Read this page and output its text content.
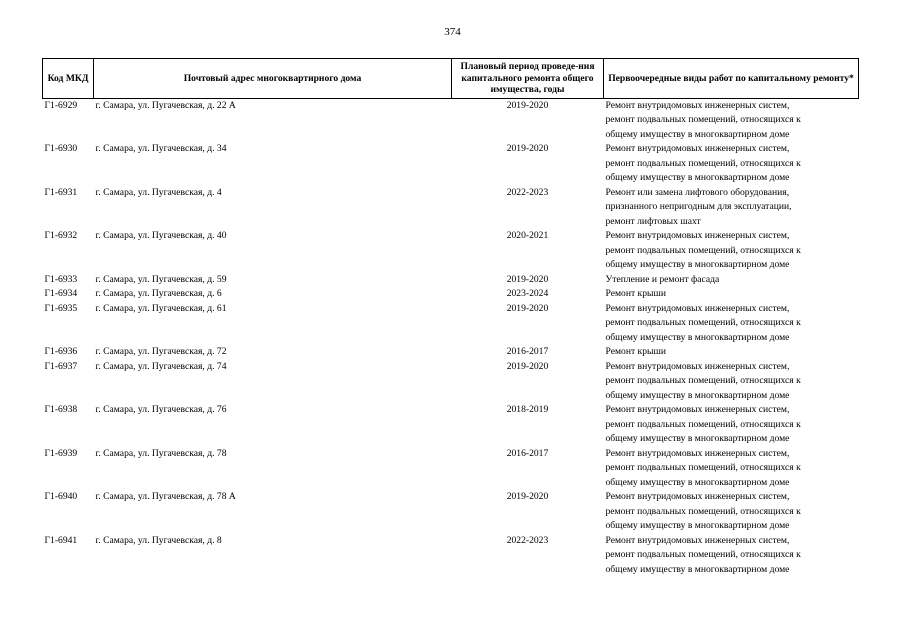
374
Код МКД	Почтовый адрес многоквартирного дома	Плановый период проведе-ния капитального ремонта общего имущества, годы	Первоочередные виды работ по капитальному ремонту*
Г1-6929	г. Самара, ул. Пугачевская, д. 22 А	2019-2020	Ремонт внутридомовых инженерных систем,
ремонт подвальных помещений, относящихся к
общему имуществу в многоквартирном доме

Г1-6930	г. Самара, ул. Пугачевская, д. 34	2019-2020	Ремонт внутридомовых инженерных систем,
ремонт подвальных помещений, относящихся к
общему имуществу в многоквартирном доме

Г1-6931	г. Самара, ул. Пугачевская, д. 4	2022-2023	Ремонт или замена лифтового оборудования,
признанного непригодным для эксплуатации,
ремонт лифтовых шахт

Г1-6932	г. Самара, ул. Пугачевская, д. 40	2020-2021	Ремонт внутридомовых инженерных систем,
ремонт подвальных помещений, относящихся к
общему имуществу в многоквартирном доме

Г1-6933	г. Самара, ул. Пугачевская, д. 59	2019-2020	Утепление и ремонт фасада

Г1-6934	г. Самара, ул. Пугачевская, д. 6	2023-2024	Ремонт крыши

Г1-6935	г. Самара, ул. Пугачевская, д. 61	2019-2020	Ремонт внутридомовых инженерных систем,
ремонт подвальных помещений, относящихся к
общему имуществу в многоквартирном доме

Г1-6936	г. Самара, ул. Пугачевская, д. 72	2016-2017	Ремонт крыши

Г1-6937	г. Самара, ул. Пугачевская, д. 74	2019-2020	Ремонт внутридомовых инженерных систем,
ремонт подвальных помещений, относящихся к
общему имуществу в многоквартирном доме

Г1-6938	г. Самара, ул. Пугачевская, д. 76	2018-2019	Ремонт внутридомовых инженерных систем,
ремонт подвальных помещений, относящихся к
общему имуществу в многоквартирном доме

Г1-6939	г. Самара, ул. Пугачевская, д. 78	2016-2017	Ремонт внутридомовых инженерных систем,
ремонт подвальных помещений, относящихся к
общему имуществу в многоквартирном доме

Г1-6940	г. Самара, ул. Пугачевская, д. 78 А	2019-2020	Ремонт внутридомовых инженерных систем,
ремонт подвальных помещений, относящихся к
общему имуществу в многоквартирном доме

Г1-6941	г. Самара, ул. Пугачевская, д. 8	2022-2023	Ремонт внутридомовых инженерных систем,
ремонт подвальных помещений, относящихся к
общему имуществу в многоквартирном доме
